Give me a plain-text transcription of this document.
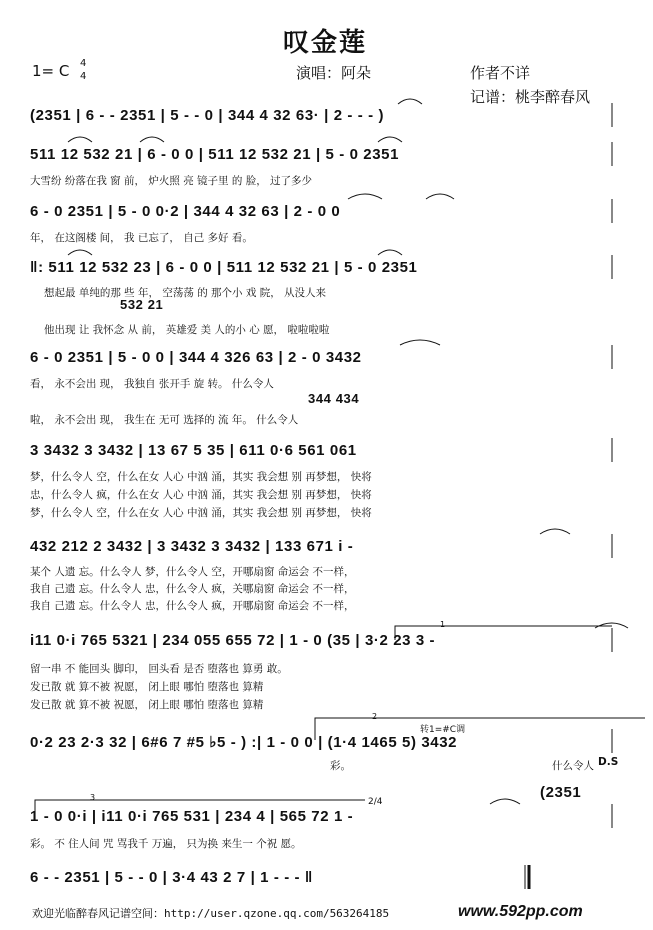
叹金莲
1= C 4
4	演唱：阿朵	作者不详
记谱：桃李醉春风
(2351 | 6 - - 2351 | 5 - - 0 | 344 4 32 63· | 2 - - - )
511 12 532 21 | 6 - 0 0 | 511 12 532 21 | 5 - 0 2351
大雪纷 纷落在我 窗 前， 炉火照 亮 镜子里 的 脸， 过了多少
6 - 0 2351 | 5 - 0 0·2 | 344 4 32 63 | 2 - 0 0
年， 在这阁楼 间， 我 已忘了， 自己 多好 看。
‖: 511 12 532 23 | 6 - 0 0 | 511 12 532 21 | 5 - 0 2351
想起最 单纯的那 些 年， 空荡荡 的 那个小 戏 院， 从没人来
532 21
他出现 让 我怀念 从 前， 英雄爱 美 人的小 心 愿， 啦啦啦啦
6 - 0 2351 | 5 - 0 0 | 344 4 326 63 | 2 - 0 3432
看， 永不会出 现， 我独自 张开手 旋 转。 什么令人
344 434
啦， 永不会出 现， 我生在 无可 选择的 流 年。 什么令人
3 3432 3 3432 | 13 67 5 35 | 611 0·6 561 061
梦，什么令人 空，什么在女 人心 中汹 涌，其实 我会想 别 再梦想， 快将
忠，什么令人 疯，什么在女 人心 中汹 涌，其实 我会想 别 再梦想， 快将
梦，什么令人 空，什么在女 人心 中汹 涌，其实 我会想 别 再梦想， 快将
432 212 2 3432 | 3 3432 3 3432 | 133 671 i -
某个 人遗 忘。什么令人 梦，什么令人 空，开哪扇窗 命运会 不一样，
我自 己遗 忘。什么令人 忠，什么令人 疯，关哪扇窗 命运会 不一样，
我自 己遗 忘。什么令人 忠，什么令人 疯，开哪扇窗 命运会 不一样，
1
i11 0·i 765 5321 | 234 055 655 72 | 1 - 0 (35 | 3·2 23 3 -
留一串 不 能回头 脚印， 回头看 是否 堕落也 算勇 敢。
发已散 就 算不被 祝愿， 闭上眼 哪怕 堕落也 算精
发已散 就 算不被 祝愿， 闭上眼 哪怕 堕落也 算精
2
转1=#C调
0·2 23 2·3 32 | 6#6 7 #5 ♭5 - ) :| 1 - 0 0 | (1·4 1465 5) 3432
彩。	什么令人 D.S
(2351
3	2/4
1 - 0 0·i | i11 0·i 765 531 | 234 4 | 565 72 1 -
彩。 不 住人间 咒 骂我千 万遍， 只为换 来生一 个祝 愿。
6 - - 2351 | 5 - - 0 | 3·4 43 2 7 | 1 - - - ‖
欢迎光临醉春风记谱空间：http://user.qzone.qq.com/563264185	www.592pp.com
